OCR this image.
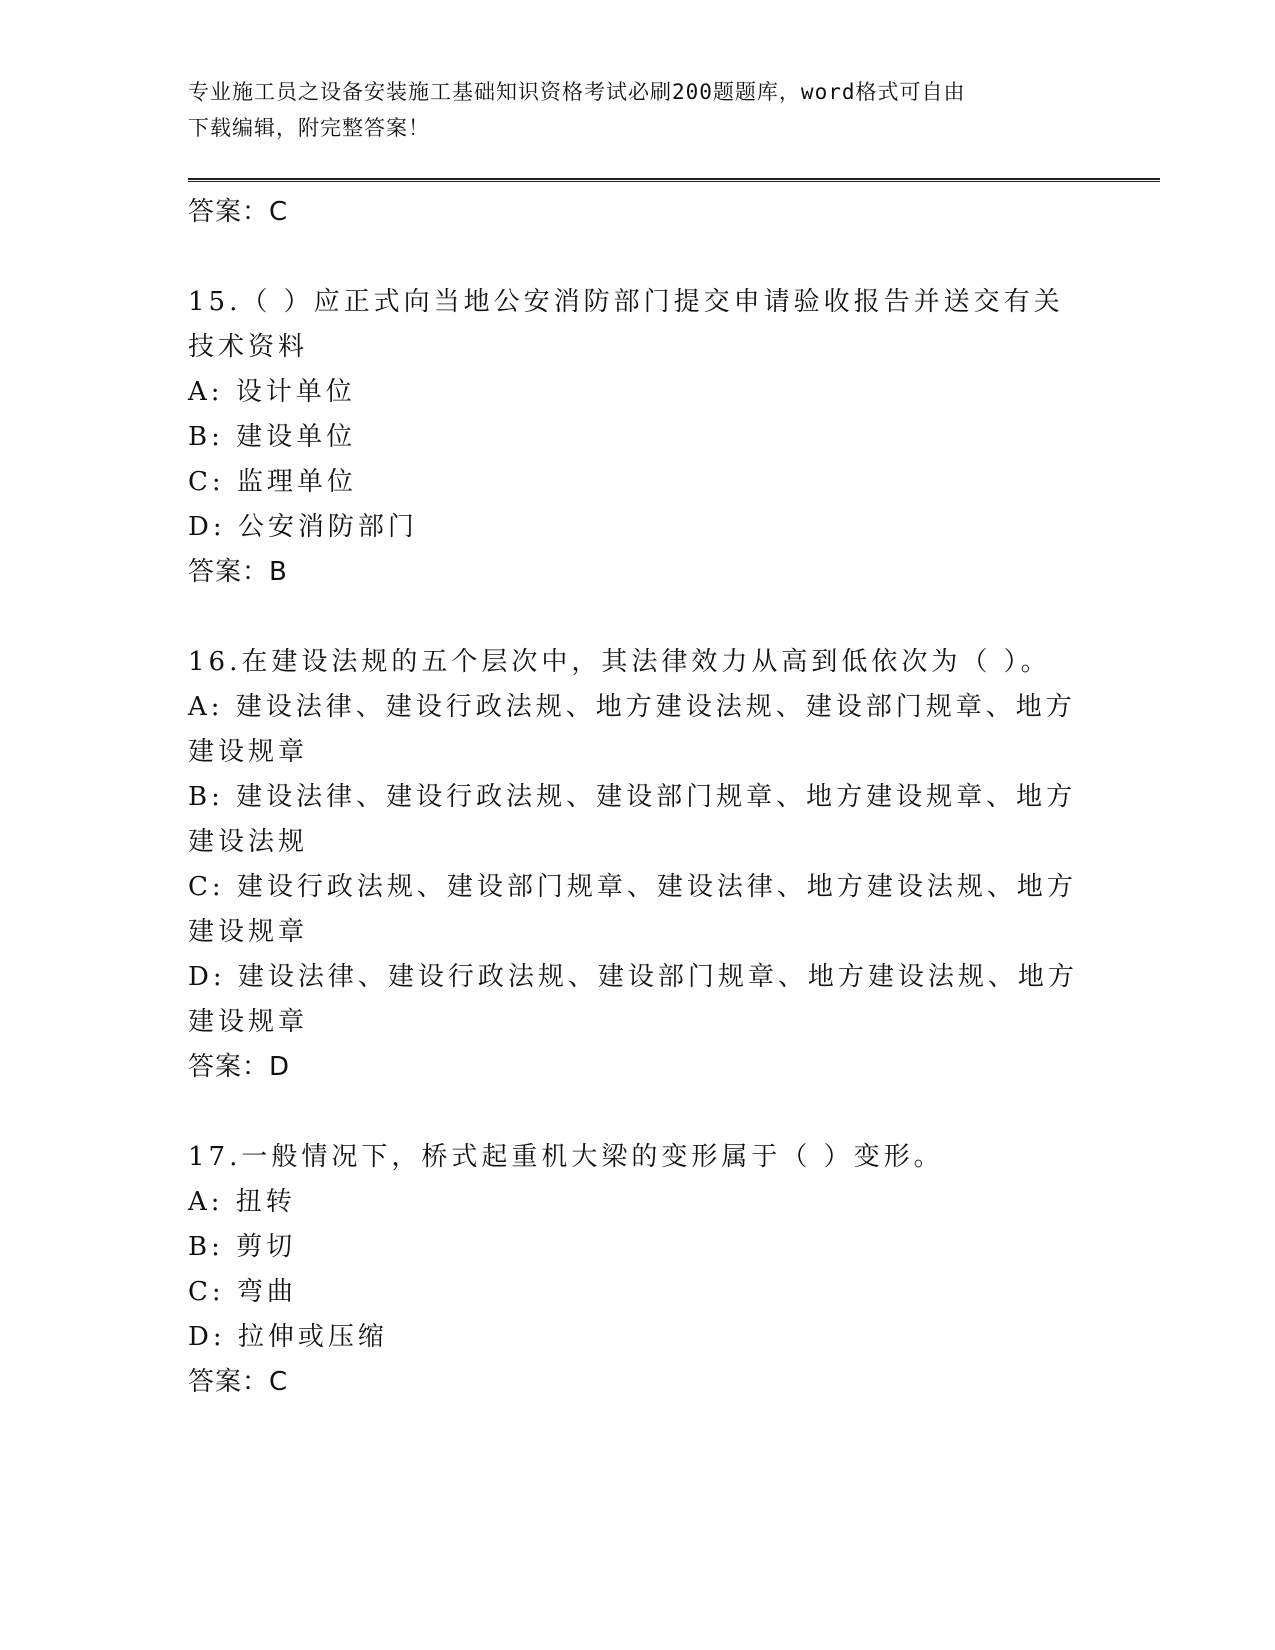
专业施工员之设备安装施工基础知识资格考试必刷200题题库，word格式可自由
下载编辑，附完整答案！
答案：C
15.（ ）应正式向当地公安消防部门提交申请验收报告并送交有关技术资料
A: 设计单位
B: 建设单位
C: 监理单位
D: 公安消防部门
答案：B
16.在建设法规的五个层次中，其法律效力从高到低依次为（ ）。
A: 建设法律、建设行政法规、地方建设法规、建设部门规章、地方建设规章
B: 建设法律、建设行政法规、建设部门规章、地方建设规章、地方建设法规
C: 建设行政法规、建设部门规章、建设法律、地方建设法规、地方建设规章
D: 建设法律、建设行政法规、建设部门规章、地方建设法规、地方建设规章
答案：D
17.一般情况下，桥式起重机大梁的变形属于（ ）变形。
A: 扭转
B: 剪切
C: 弯曲
D: 拉伸或压缩
答案：C
